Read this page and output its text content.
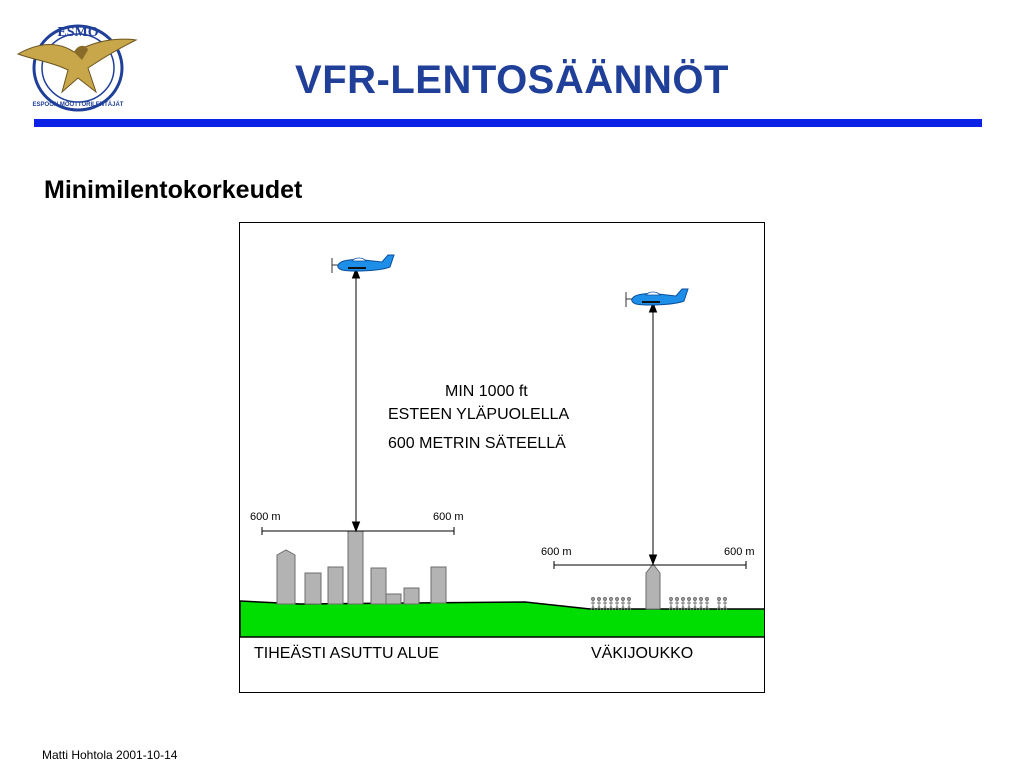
ESMO
ESPOON MOOTTORILENTÄJÄT
VFR-LENTOSÄÄNNÖT
Minimilentokorkeudet
MIN 1000 ft
ESTEEN YLÄPUOLELLA
600 METRIN SÄTEELLÄ
600 m	600 m
600 m	600 m
TIHEÄSTI ASUTTU ALUE	VÄKIJOUKKO
Matti Hohtola 2001-10-14
